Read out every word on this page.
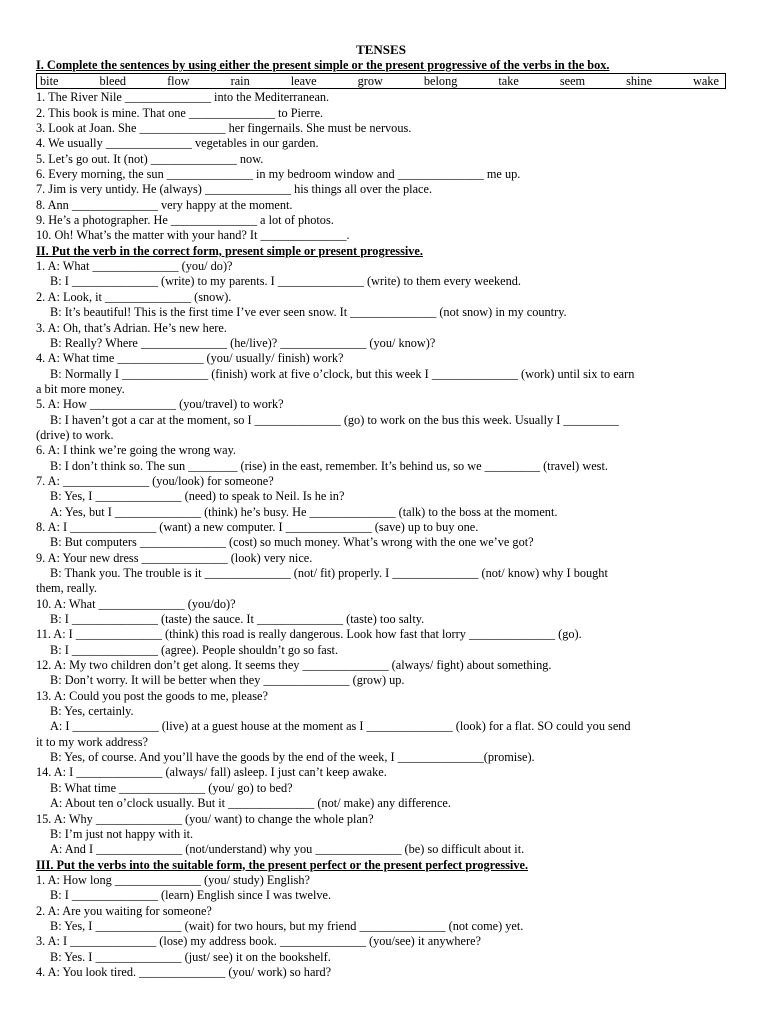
TENSES
I. Complete the sentences by using either the present simple or the present progressive of the verbs in the box.
bite	bleed	flow	rain	leave	grow	belong	take	seem	shine	wake
1. The River Nile ______________ into the Mediterranean.
2. This book is mine. That one ______________ to Pierre.
3. Look at Joan. She ______________ her fingernails. She must be nervous.
4. We usually ______________ vegetables in our garden.
5. Let’s go out. It (not) ______________ now.
6. Every morning, the sun ______________ in my bedroom window and ______________ me up.
7. Jim is very untidy. He (always) ______________ his things all over the place.
8. Ann ______________ very happy at the moment.
9. He’s a photographer. He ______________ a lot of photos.
10. Oh! What’s the matter with your hand? It ______________.
II. Put the verb in the correct form, present simple or present progressive.
1. A: What ______________ (you/ do)?
B: I ______________ (write) to my parents. I ______________ (write) to them every weekend.
2. A: Look, it ______________ (snow).
B: It’s beautiful! This is the first time I’ve ever seen snow. It ______________ (not snow) in my country.
3. A: Oh, that’s Adrian. He’s new here.
B: Really? Where ______________ (he/live)? ______________ (you/ know)?
4. A: What time ______________ (you/ usually/ finish) work?
B: Normally I ______________ (finish) work at five o’clock, but this week I ______________ (work) until six to earn
a bit more money.
5. A: How ______________ (you/travel) to work?
B: I haven’t got a car at the moment, so I ______________ (go) to work on the bus this week. Usually I _________
(drive) to work.
6. A: I think we’re going the wrong way.
B: I don’t think so. The sun ________ (rise) in the east, remember. It’s behind us, so we _________ (travel) west.
7. A: ______________ (you/look) for someone?
B: Yes, I ______________ (need) to speak to Neil. Is he in?
A: Yes, but I ______________ (think) he’s busy. He ______________ (talk) to the boss at the moment.
8. A: I ______________ (want) a new computer. I ______________ (save) up to buy one.
B: But computers ______________ (cost) so much money. What’s wrong with the one we’ve got?
9. A: Your new dress ______________ (look) very nice.
B: Thank you. The trouble is it ______________ (not/ fit) properly. I ______________ (not/ know) why I bought
them, really.
10. A: What ______________ (you/do)?
B: I ______________ (taste) the sauce. It ______________ (taste) too salty.
11. A: I ______________ (think) this road is really dangerous. Look how fast that lorry ______________ (go).
B: I ______________ (agree). People shouldn’t go so fast.
12. A: My two children don’t get along. It seems they ______________ (always/ fight) about something.
B: Don’t worry. It will be better when they ______________ (grow) up.
13. A: Could you post the goods to me, please?
B: Yes, certainly.
A: I ______________ (live) at a guest house at the moment as I ______________ (look) for a flat. SO could you send
it to my work address?
B: Yes, of course. And you’ll have the goods by the end of the week, I ______________(promise).
14. A: I ______________ (always/ fall) asleep. I just can’t keep awake.
B: What time ______________ (you/ go) to bed?
A: About ten o’clock usually. But it ______________ (not/ make) any difference.
15. A: Why ______________ (you/ want) to change the whole plan?
B: I’m just not happy with it.
A: And I ______________ (not/understand) why you ______________ (be) so difficult about it.
III. Put the verbs into the suitable form, the present perfect or the present perfect progressive.
1. A: How long ______________ (you/ study) English?
B: I ______________ (learn) English since I was twelve.
2. A: Are you waiting for someone?
B: Yes, I ______________ (wait) for two hours, but my friend ______________ (not come) yet.
3. A: I ______________ (lose) my address book. ______________ (you/see) it anywhere?
B: Yes. I ______________ (just/ see) it on the bookshelf.
4. A: You look tired. ______________ (you/ work) so hard?
